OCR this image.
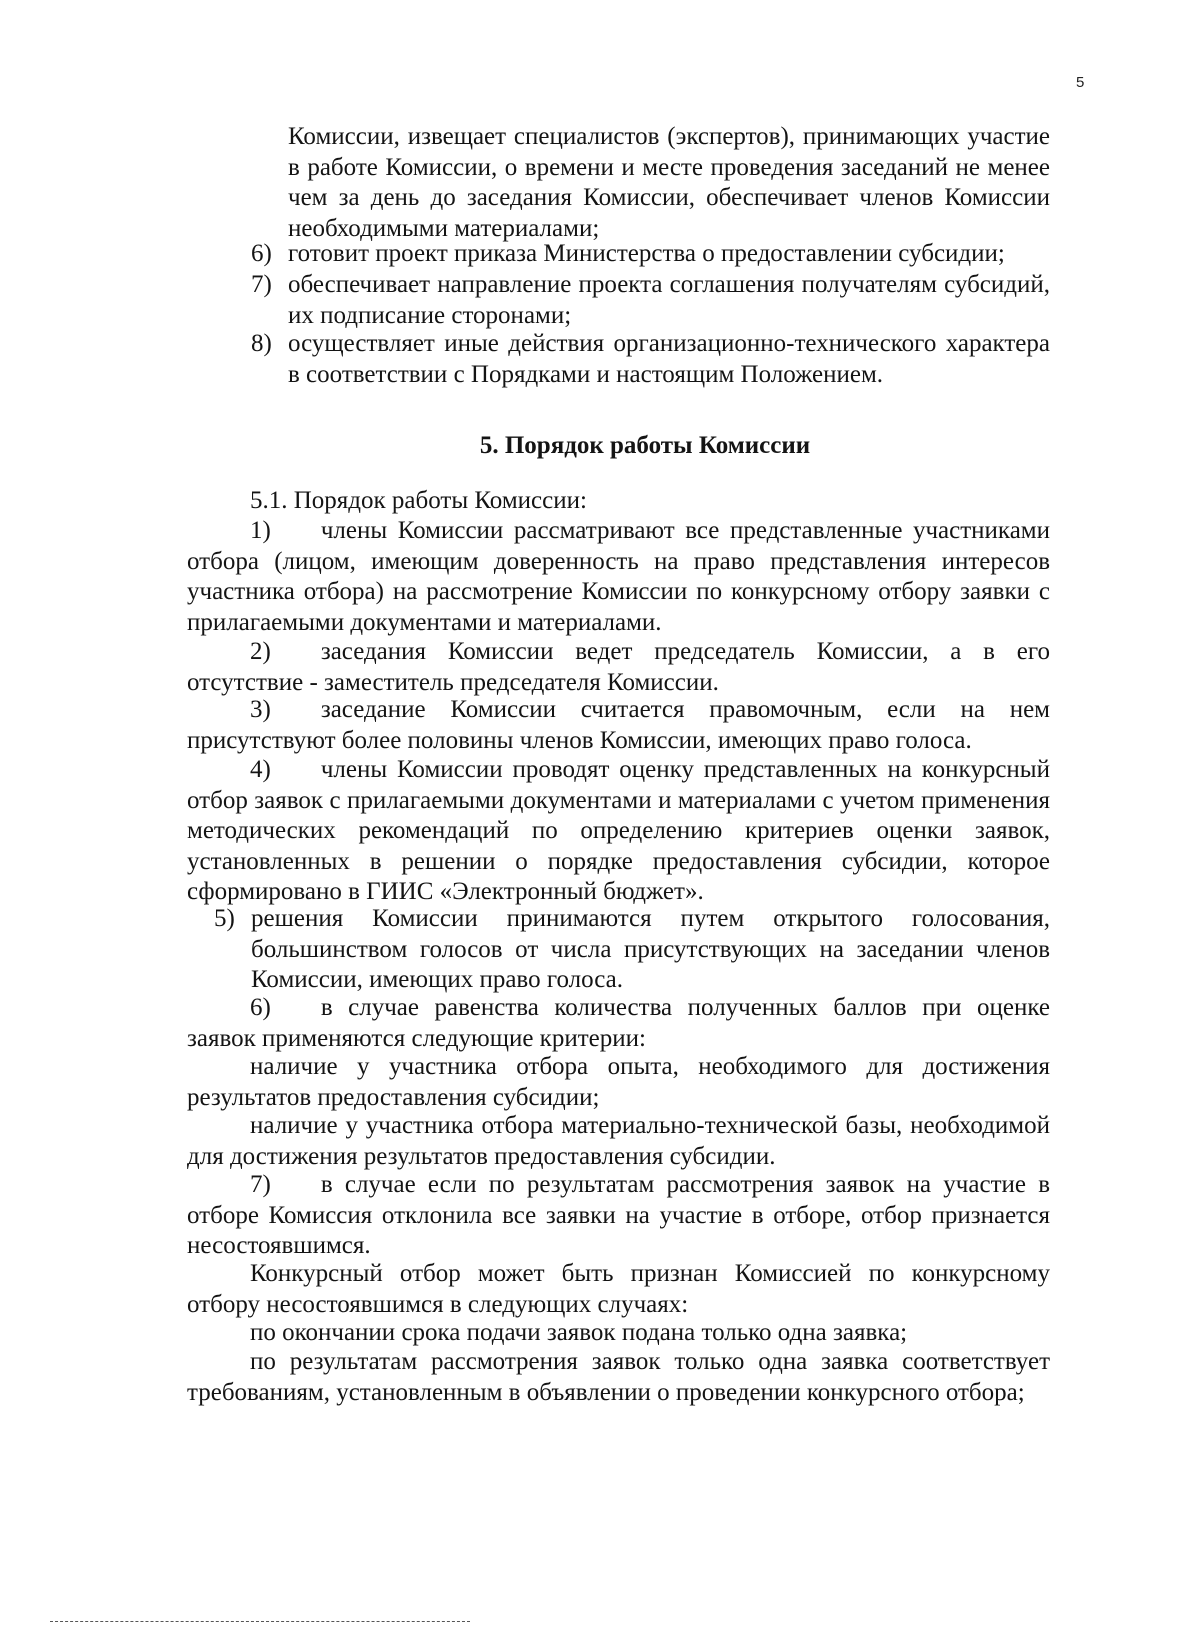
5

Комиссии, извещает специалистов (экспертов), принимающих участие в работе Комиссии, о времени и месте проведения заседаний не менее чем за день до заседания Комиссии, обеспечивает членов Комиссии необходимыми материалами;

6) готовит проект приказа Министерства о предоставлении субсидии;
7) обеспечивает направление проекта соглашения получателям субсидий, их подписание сторонами;
8) осуществляет иные действия организационно-технического характера в соответствии с Порядками и настоящим Положением.
5. Порядок работы Комиссии

5.1. Порядок работы Комиссии:

1)  члены Комиссии рассматривают все представленные участниками отбора (лицом, имеющим доверенность на право представления интересов участника отбора) на рассмотрение Комиссии по конкурсному отбору заявки с прилагаемыми документами и материалами.

2)  заседания Комиссии ведет председатель Комиссии, а в его отсутствие - заместитель председателя Комиссии.

3)  заседание Комиссии считается правомочным, если на нем присутствуют более половины членов Комиссии, имеющих право голоса.

4)  члены Комиссии проводят оценку представленных на конкурсный отбор заявок с прилагаемыми документами и материалами с учетом применения методических рекомендаций по определению критериев оценки заявок, установленных в решении о порядке предоставления субсидии, которое сформировано в ГИИС «Электронный бюджет».

5) решения Комиссии принимаются путем открытого голосования, большинством голосов от числа присутствующих на заседании членов Комиссии, имеющих право голоса.

6)  в случае равенства количества полученных баллов при оценке заявок применяются следующие критерии:

наличие у участника отбора опыта, необходимого для достижения результатов предоставления субсидии;

наличие у участника отбора материально-технической базы, необходимой для достижения результатов предоставления субсидии.

7)  в случае если по результатам рассмотрения заявок на участие в отборе Комиссия отклонила все заявки на участие в отборе, отбор признается несостоявшимся.

Конкурсный отбор может быть признан Комиссией по конкурсному отбору несостоявшимся в следующих случаях:

по окончании срока подачи заявок подана только одна заявка;

по результатам рассмотрения заявок только одна заявка соответствует требованиям, установленным в объявлении о проведении конкурсного отбора;
